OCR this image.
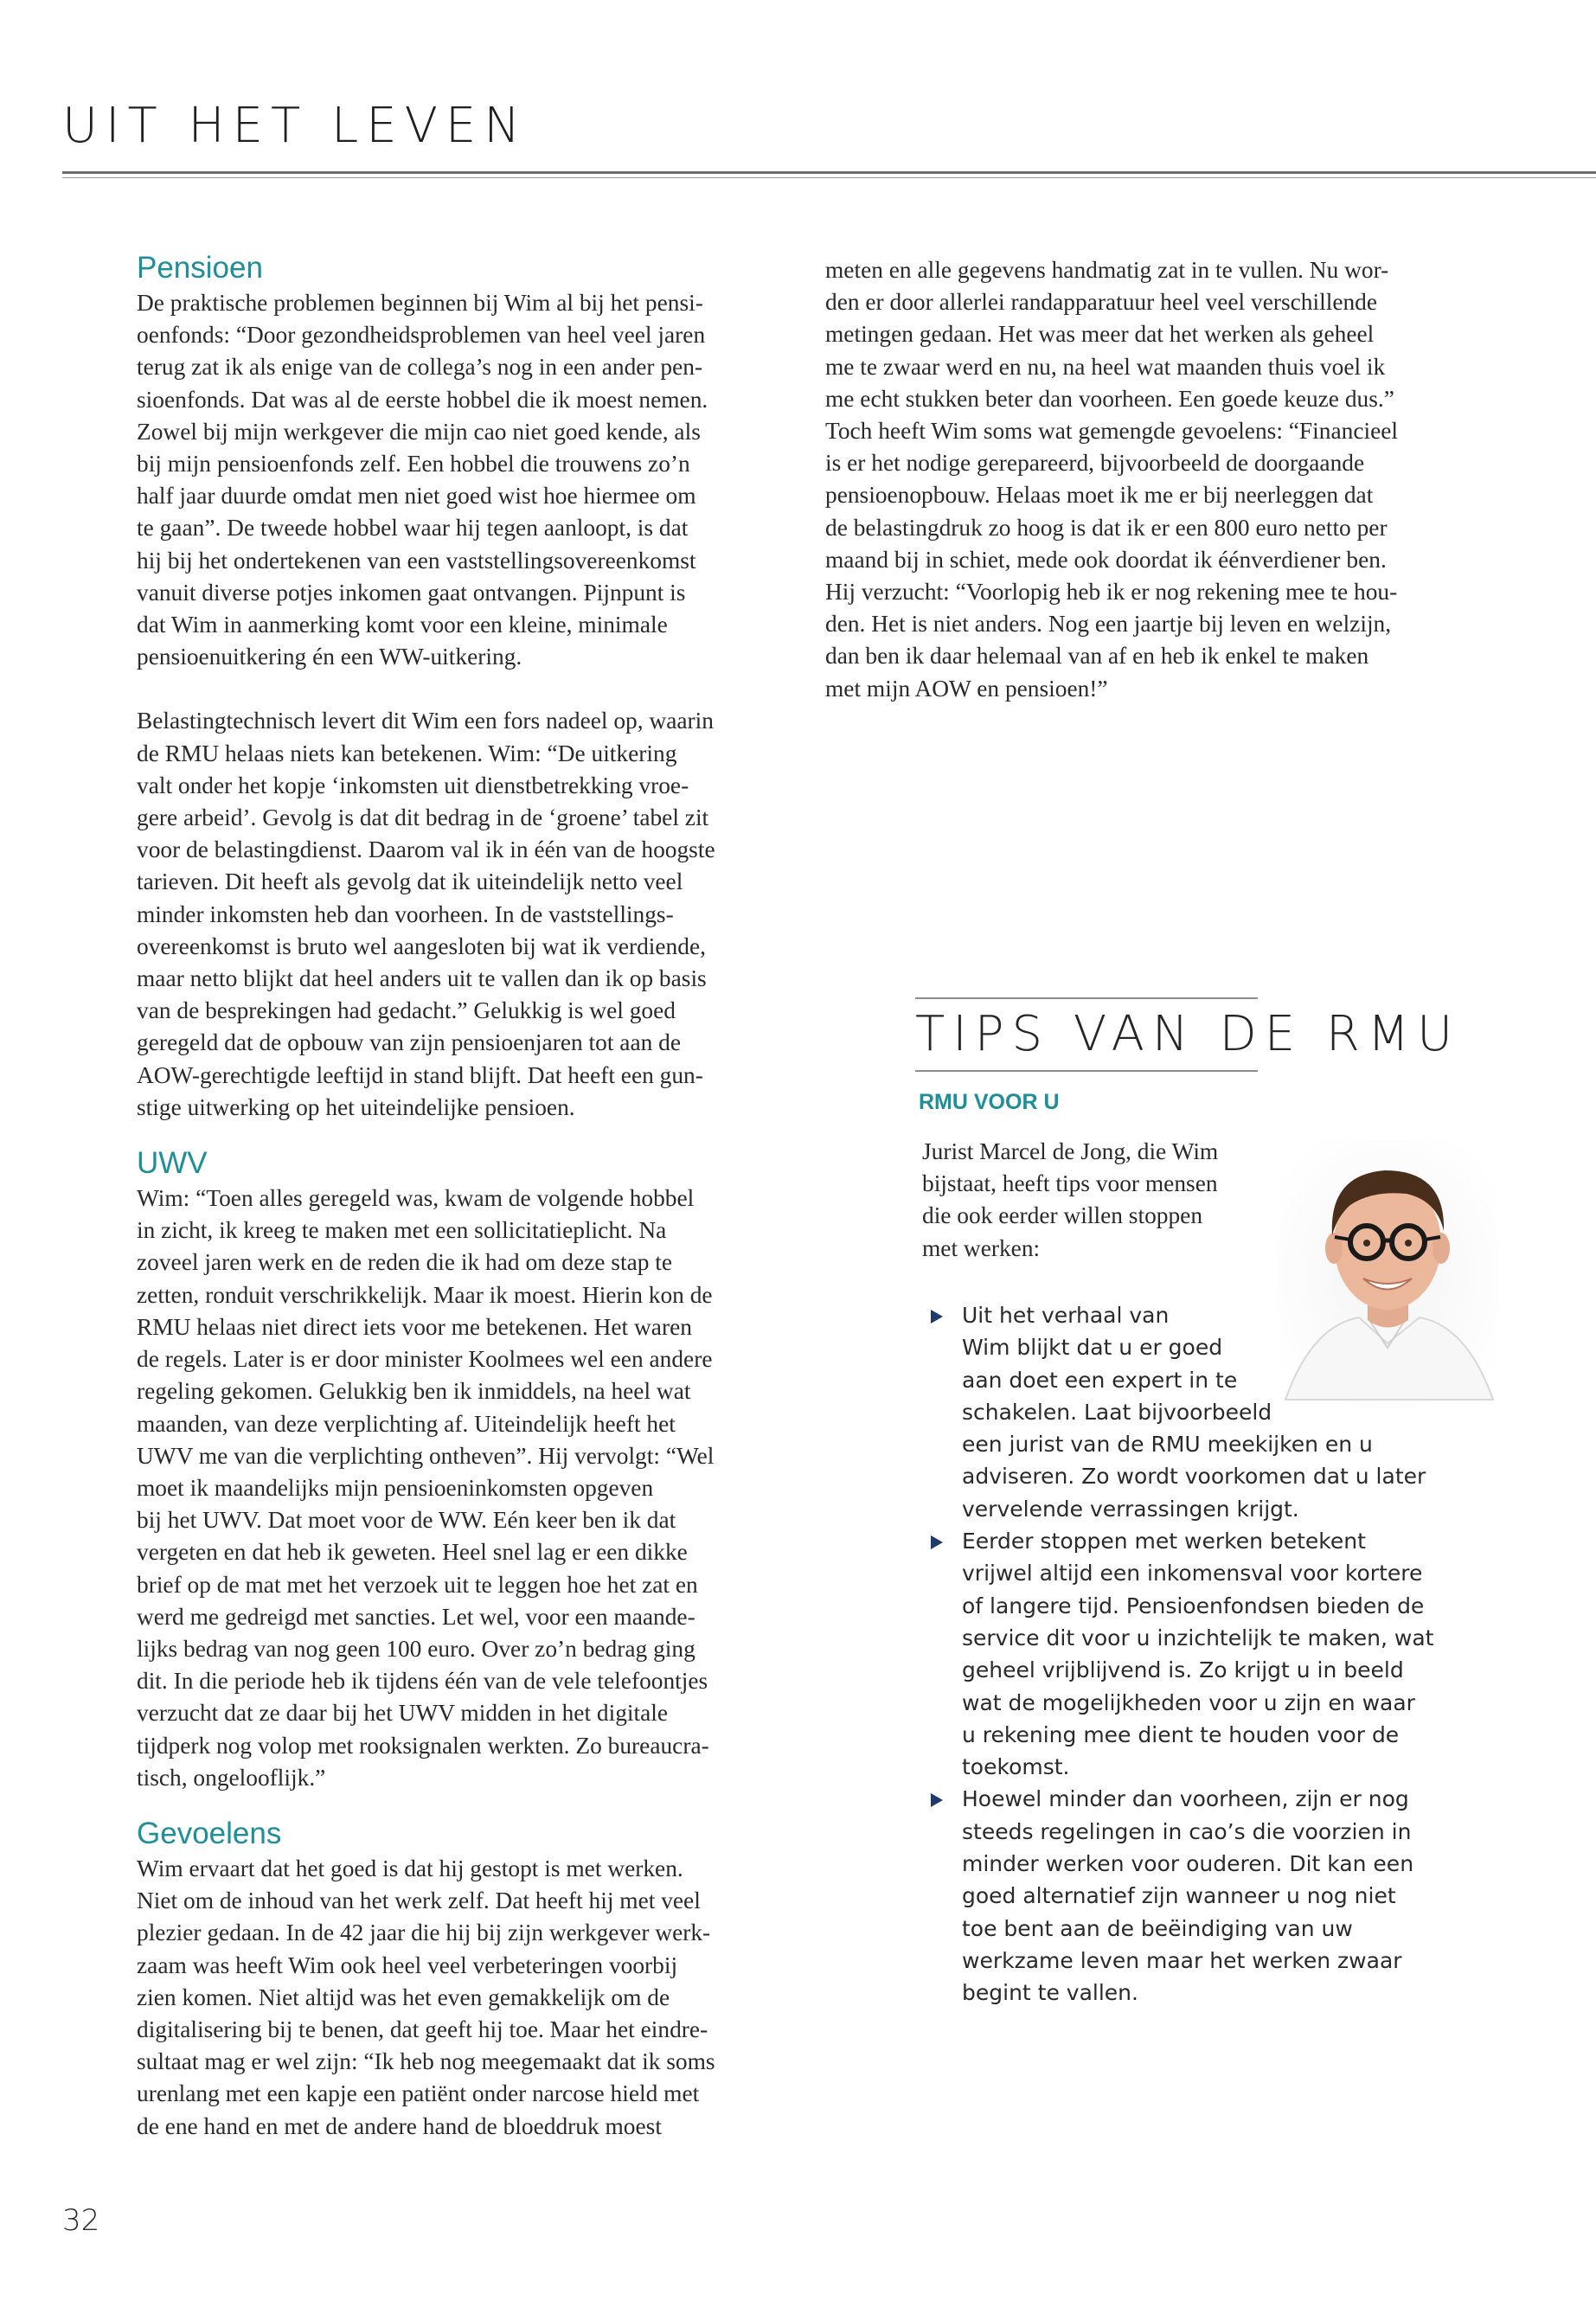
UIT HET LEVEN
Pensioen

De praktische problemen beginnen bij Wim al bij het pensi-
oenfonds: “Door gezondheidsproblemen van heel veel jaren
terug zat ik als enige van de collega’s nog in een ander pen-
sioenfonds. Dat was al de eerste hobbel die ik moest nemen.
Zowel bij mijn werkgever die mijn cao niet goed kende, als
bij mijn pensioenfonds zelf. Een hobbel die trouwens zo’n
half jaar duurde omdat men niet goed wist hoe hiermee om
te gaan”. De tweede hobbel waar hij tegen aanloopt, is dat
hij bij het ondertekenen van een vaststellingsovereenkomst
vanuit diverse potjes inkomen gaat ontvangen. Pijnpunt is
dat Wim in aanmerking komt voor een kleine, minimale
pensioenuitkering én een WW-uitkering.

Belastingtechnisch levert dit Wim een fors nadeel op, waarin
de RMU helaas niets kan betekenen. Wim: “De uitkering
valt onder het kopje ‘inkomsten uit dienstbetrekking vroe-
gere arbeid’. Gevolg is dat dit bedrag in de ‘groene’ tabel zit
voor de belastingdienst. Daarom val ik in één van de hoogste
tarieven. Dit heeft als gevolg dat ik uiteindelijk netto veel
minder inkomsten heb dan voorheen. In de vaststellings-
overeenkomst is bruto wel aangesloten bij wat ik verdiende,
maar netto blijkt dat heel anders uit te vallen dan ik op basis
van de besprekingen had gedacht.” Gelukkig is wel goed
geregeld dat de opbouw van zijn pensioenjaren tot aan de
AOW-gerechtigde leeftijd in stand blijft. Dat heeft een gun-
stige uitwerking op het uiteindelijke pensioen.

UWV

Wim: “Toen alles geregeld was, kwam de volgende hobbel
in zicht, ik kreeg te maken met een sollicitatieplicht. Na
zoveel jaren werk en de reden die ik had om deze stap te
zetten, ronduit verschrikkelijk. Maar ik moest. Hierin kon de
RMU helaas niet direct iets voor me betekenen. Het waren
de regels. Later is er door minister Koolmees wel een andere
regeling gekomen. Gelukkig ben ik inmiddels, na heel wat
maanden, van deze verplichting af. Uiteindelijk heeft het
UWV me van die verplichting ontheven”. Hij vervolgt: “Wel
moet ik maandelijks mijn pensioeninkomsten opgeven
bij het UWV. Dat moet voor de WW. Eén keer ben ik dat
vergeten en dat heb ik geweten. Heel snel lag er een dikke
brief op de mat met het verzoek uit te leggen hoe het zat en
werd me gedreigd met sancties. Let wel, voor een maande-
lijks bedrag van nog geen 100 euro. Over zo’n bedrag ging
dit. In die periode heb ik tijdens één van de vele telefoontjes
verzucht dat ze daar bij het UWV midden in het digitale
tijdperk nog volop met rooksignalen werkten. Zo bureaucra-
tisch, ongelooflijk.”

Gevoelens

Wim ervaart dat het goed is dat hij gestopt is met werken.
Niet om de inhoud van het werk zelf. Dat heeft hij met veel
plezier gedaan. In de 42 jaar die hij bij zijn werkgever werk-
zaam was heeft Wim ook heel veel verbeteringen voorbij
zien komen. Niet altijd was het even gemakkelijk om de
digitalisering bij te benen, dat geeft hij toe. Maar het eindre-
sultaat mag er wel zijn: “Ik heb nog meegemaakt dat ik soms
urenlang met een kapje een patiënt onder narcose hield met
de ene hand en met de andere hand de bloeddruk moest

meten en alle gegevens handmatig zat in te vullen. Nu wor-
den er door allerlei randapparatuur heel veel verschillende
metingen gedaan. Het was meer dat het werken als geheel
me te zwaar werd en nu, na heel wat maanden thuis voel ik
me echt stukken beter dan voorheen. Een goede keuze dus.”
Toch heeft Wim soms wat gemengde gevoelens: “Financieel
is er het nodige gerepareerd, bijvoorbeeld de doorgaande
pensioenopbouw. Helaas moet ik me er bij neerleggen dat
de belastingdruk zo hoog is dat ik er een 800 euro netto per
maand bij in schiet, mede ook doordat ik éénverdiener ben.
Hij verzucht: “Voorlopig heb ik er nog rekening mee te hou-
den. Het is niet anders. Nog een jaartje bij leven en welzijn,
dan ben ik daar helemaal van af en heb ik enkel te maken
met mijn AOW en pensioen!”

TIPS VAN DE RMU
RMU VOOR U

Jurist Marcel de Jong, die Wim
bijstaat, heeft tips voor mensen
die ook eerder willen stoppen
met werken:

Uit het verhaal van
Wim blijkt dat u er goed
aan doet een expert in te
schakelen. Laat bijvoorbeeld
een jurist van de RMU meekijken en u
adviseren. Zo wordt voorkomen dat u later
vervelende verrassingen krijgt.

Eerder stoppen met werken betekent
vrijwel altijd een inkomensval voor kortere
of langere tijd. Pensioenfondsen bieden de
service dit voor u inzichtelijk te maken, wat
geheel vrijblijvend is. Zo krijgt u in beeld
wat de mogelijkheden voor u zijn en waar
u rekening mee dient te houden voor de
toekomst.

Hoewel minder dan voorheen, zijn er nog
steeds regelingen in cao’s die voorzien in
minder werken voor ouderen. Dit kan een
goed alternatief zijn wanneer u nog niet
toe bent aan de beëindiging van uw
werkzame leven maar het werken zwaar
begint te vallen.

32
